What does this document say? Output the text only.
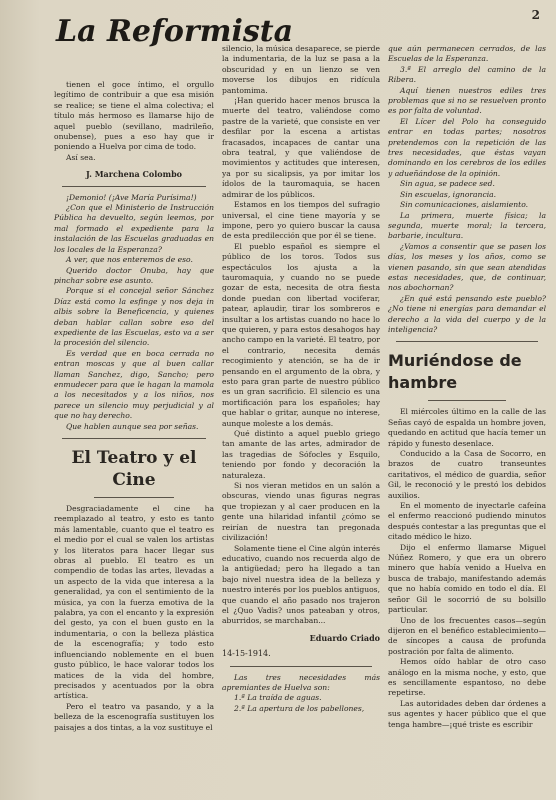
La Reformista	2

tienen el goce íntimo, el orgullo legítimo de contribuir a que esa misión se realice; se tiene el alma colectiva; el título más hermoso es llamarse hijo de aquel pueblo (sevillano, madrileño, onubense), pues a eso hay que ir poniendo a Huelva por cima de todo.

Así sea.

J. Marchena Colombo

¡Demonio! (¡Ave María Purísima!)

¿Con que el Ministerio de Instrucción Pública ha devuelto, según leemos, por mal formado el expediente para la instalación de las Escuelas graduadas en los locales de la Esperanza?

A ver, que nos enteremos de eso.

Querido doctor Onuba, hay que pinchar sobre ese asunto.

Porque si el concejal señor Sánchez Díaz está como la esfinge y nos deja in albis sobre la Beneficencia, y quienes deban hablar callan sobre eso del expediente de las Escuelas, esto va a ser la procesión del silencio.

Es verdad que en boca cerrada no entran moscas y que al buen callar llaman Sanchez, digo, Sancho; pero enmudecer para que le hagan la mamola a los necesitados y a los niños, nos parece un silencio muy perjudicial y al que no hay derecho.

Que hablen aunque sea por señas.

El Teatro y el Cine

Desgraciadamente el cine ha reemplazado al teatro, y esto es tanto más lamentable, cuanto que el teatro es el medio por el cual se valen los artistas y los literatos para hacer llegar sus obras al pueblo. El teatro es un compendio de todas las artes, llevadas a un aspecto de la vida que interesa a la generalidad, ya con el sentimiento de la música, ya con la fuerza emotiva de la palabra, ya con el encanto y la expresión del gesto, ya con el buen gusto en la indumentaria, o con la belleza plástica de la escenografía; y todo esto influenciando noblemente en el buen gusto público, le hace valorar todos los matices de la vida del hombre, precisados y acentuados por la obra artística.

Pero el teatro va pasando, y a la belleza de la escenografía sustituyen los paisajes a dos tintas, a la voz sustituye el

silencio, la música desaparece, se pierde la indumentaria, de la luz se pasa a la obscuridad y en un lienzo se ven moverse los dibujos en ridícula pantomima.

¡Han querido hacer menos brusca la muerte del teatro, valiéndose como pastre de la varieté, que consiste en ver desfilar por la escena a artistas fracasados, incapaces de cantar una obra teatral, y que valiéndose de movimientos y actitudes que interesen, ya por su sicalipsis, ya por imitar los ídolos de la tauromaquia, se hacen admirar de los públicos.

Estamos en los tiempos del sufragio universal, el cine tiene mayoría y se impone, pero yo quiero buscar la causa de esta predilección que por él se tiene.

El pueblo español es siempre el público de los toros. Todos sus espectáculos los ajusta a la tauromaquia, y cuando no se puede gozar de esta, necesita de otra fiesta donde puedan con libertad vociferar, patear, aplaudir, tirar los sombreros e insultar a los artistas cuando no hace lo que quieren, y para estos desahogos hay ancho campo en la varieté. El teatro, por el contrario, necesita demás recogimiento y atención, se ha de ir pensando en el argumento de la obra, y esto para gran parte de nuestro público es un gran sacrificio. El silencio es una mortificación para los españoles; hay que hablar o gritar, aunque no interese, aunque moleste a los demás.

Qué distinto a aquel pueblo griego tan amante de las artes, admirador de las tragedias de Sófocles y Esquilo, teniendo por fondo y decoración la naturaleza.

Si nos vieran metidos en un salón a obscuras, viendo unas figuras negras que tropiezan y al caer producen en la gente una hilaridad infantil ¿cómo se reirían de nuestra tan pregonada civilización!

Solamente tiene el Cine algún interés educativo, cuando nos recuerda algo de la antigüedad; pero ha llegado a tan bajo nivel nuestra idea de la belleza y nuestro interés por los pueblos antiguos, que cuando el año pasado nos trajeron el ¿Quo Vadis? unos pateaban y otros, aburridos, se marchaban...

Eduardo Criado
14-15-1914.

Las tres necesidades más apremiantes de Huelva son:

1.ª La traída de aguas.

2.ª La apertura de los pabellones,

que aún permanecen cerrados, de las Escuelas de la Esperanza.

3.ª El arreglo del camino de la Ribera.

Aquí tienen nuestros ediles tres problemas que si no se resuelven pronto es por falta de voluntad.

El Lícer del Polo ha conseguido entrar en todas partes; nosotros pretendemos con la repetición de las tres necesidades, que éstas vayan dominando en los cerebros de los ediles y adueñándose de la opinión.

Sin agua, se padece sed.

Sin escuelas, ignorancia.

Sin comunicaciones, aislamiento.

La primera, muerte física; la segunda, muerte moral; la tercera, barbarie, incultura.

¿Vamos a consentir que se pasen los días, los meses y los años, como se vienen pasando, sin que sean atendidas estas necesidades, que, de continuar, nos abochornan?

¿En qué está pensando este pueblo? ¿No tiene ni energías para demandar el derecho a la vida del cuerpo y de la inteligencia?

Muriéndose de hambre

El miércoles último en la calle de las Señas cayó de espalda un hombre joven, quedando en actitud que hacía temer un rápido y funesto desenlace.

Conducido a la Casa de Socorro, en brazos de cuatro transeuntes caritativos, el médico de guardia, señor Gil, le reconoció y le prestó los debidos auxilios.

En el momento de inyectarle cafeína el enfermo reaccionó pudiendo minutos después contestar a las preguntas que el citado médico le hizo.

Dijo el enfermo llamarse Miguel Núñez Romero, y que era un obrero minero que había venido a Huelva en busca de trabajo, manifestando además que no había comido en todo el día. El señor Gil le socorrió de su bolsillo particular.

Uno de los frecuentes casos—según dijeron en el benéfico establecimiento—de síncopes a causa de profunda postración por falta de alimento.

Hemos oído hablar de otro caso análogo en la misma noche, y esto, que es sencillamente espantoso, no debe repetirse.

Las autoridades deben dar órdenes a sus agentes y hacer público que el que tenga hambre—¡qué triste es escribir
